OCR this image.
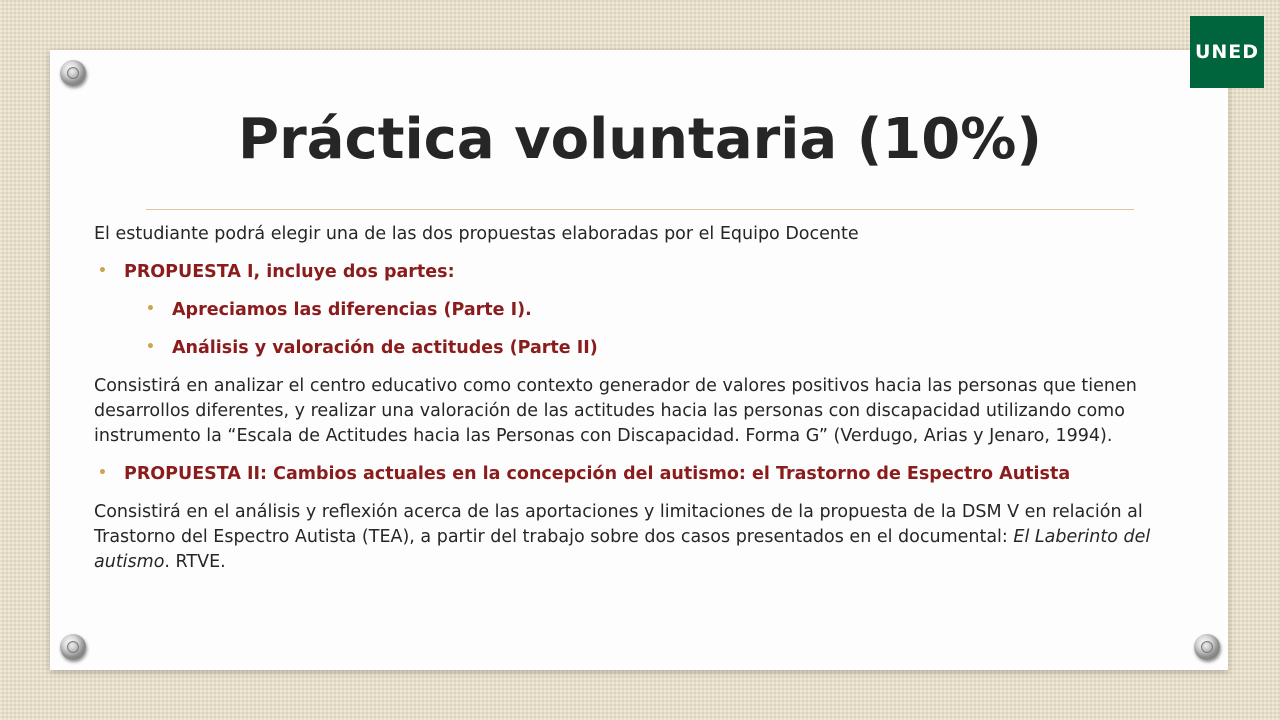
UNED
Práctica voluntaria (10%)

El estudiante podrá elegir una de las dos propuestas elaboradas por el Equipo Docente

• PROPUESTA I, incluye dos partes:

• Apreciamos las diferencias (Parte I).

• Análisis y valoración de actitudes (Parte II)

Consistirá en analizar el centro educativo como contexto generador de valores positivos hacia las personas que tienen desarrollos diferentes, y realizar una valoración de las actitudes hacia las personas con discapacidad utilizando como instrumento la “Escala de Actitudes hacia las Personas con Discapacidad. Forma G” (Verdugo, Arias y Jenaro, 1994).

• PROPUESTA II: Cambios actuales en la concepción del autismo: el Trastorno de Espectro Autista

Consistirá en el análisis y reflexión acerca de las aportaciones y limitaciones de la propuesta de la DSM V en relación al Trastorno del Espectro Autista (TEA), a partir del trabajo sobre dos casos presentados en el documental: El Laberinto del autismo. RTVE.
